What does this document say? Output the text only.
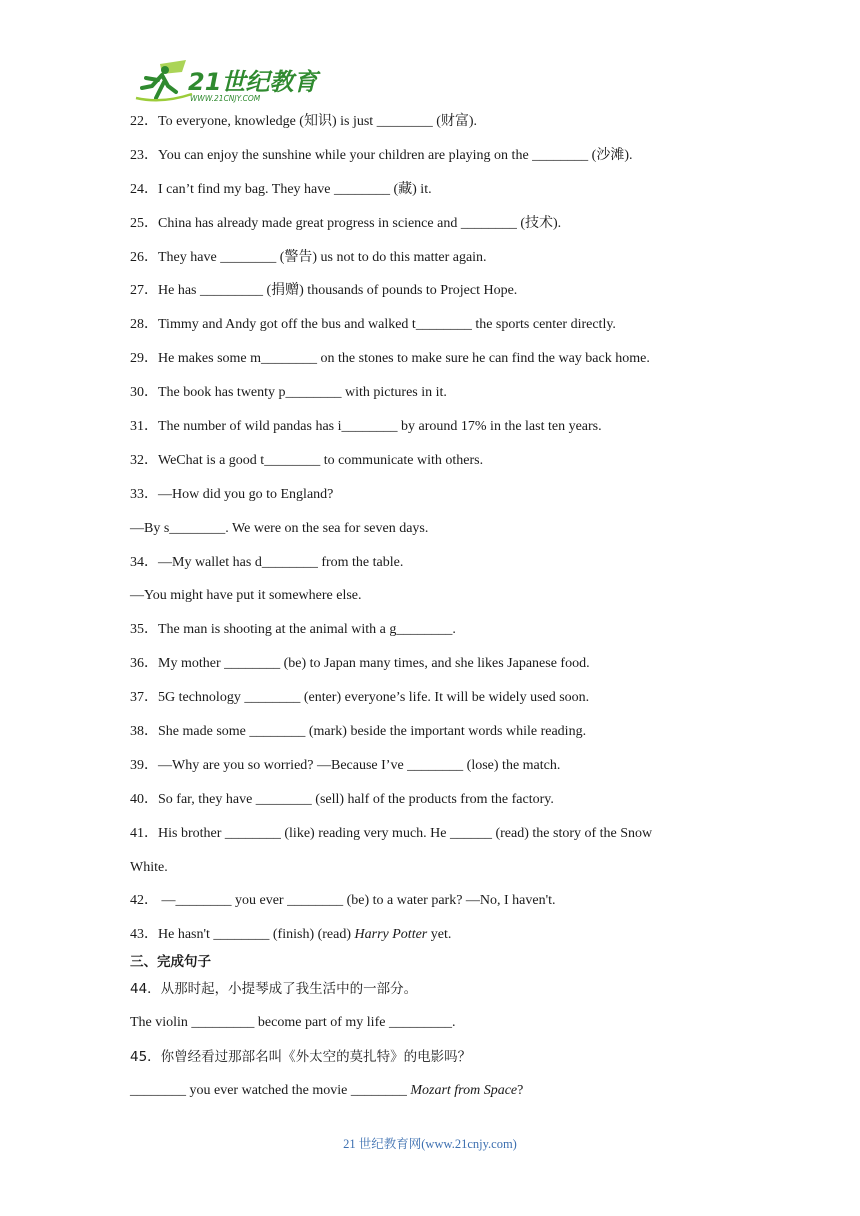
21世纪教育
WWW.21CNJY.COM
22．To everyone, knowledge (知识) is just ________ (财富).
23．You can enjoy the sunshine while your children are playing on the ________ (沙滩).
24．I can’t find my bag. They have ________ (藏) it.
25．China has already made great progress in science and ________ (技术).
26．They have ________ (警告) us not to do this matter again.
27．He has _________ (捐赠) thousands of pounds to Project Hope.
28．Timmy and Andy got off the bus and walked t________ the sports center directly.
29．He makes some m________ on the stones to make sure he can find the way back home.
30．The book has twenty p________ with pictures in it.
31．The number of wild pandas has i________ by around 17% in the last ten years.
32．WeChat is a good t________ to communicate with others.
33．—How did you go to England?
—By s________. We were on the sea for seven days.
34．—My wallet has d________ from the table.
—You might have put it somewhere else.
35．The man is shooting at the animal with a g________.
36．My mother ________ (be) to Japan many times, and she likes Japanese food.
37．5G technology ________ (enter) everyone’s life. It will be widely used soon.
38．She made some ________ (mark) beside the important words while reading.
39．—Why are you so worried? —Because I’ve ________ (lose) the match.
40．So far, they have ________ (sell) half of the products from the factory.
41．His brother ________ (like) reading very much. He ______ (read) the story of the Snow
White.
42． —________ you ever ________ (be) to a water park? —No, I haven't.
43．He hasn't ________ (finish) (read) Harry Potter yet.
三、完成句子
44．从那时起，小提琴成了我生活中的一部分。
The violin _________ become part of my life _________.
45．你曾经看过那部名叫《外太空的莫扎特》的电影吗？
________ you ever watched the movie ________ Mozart from Space?
21 世纪教育网(www.21cnjy.com)
